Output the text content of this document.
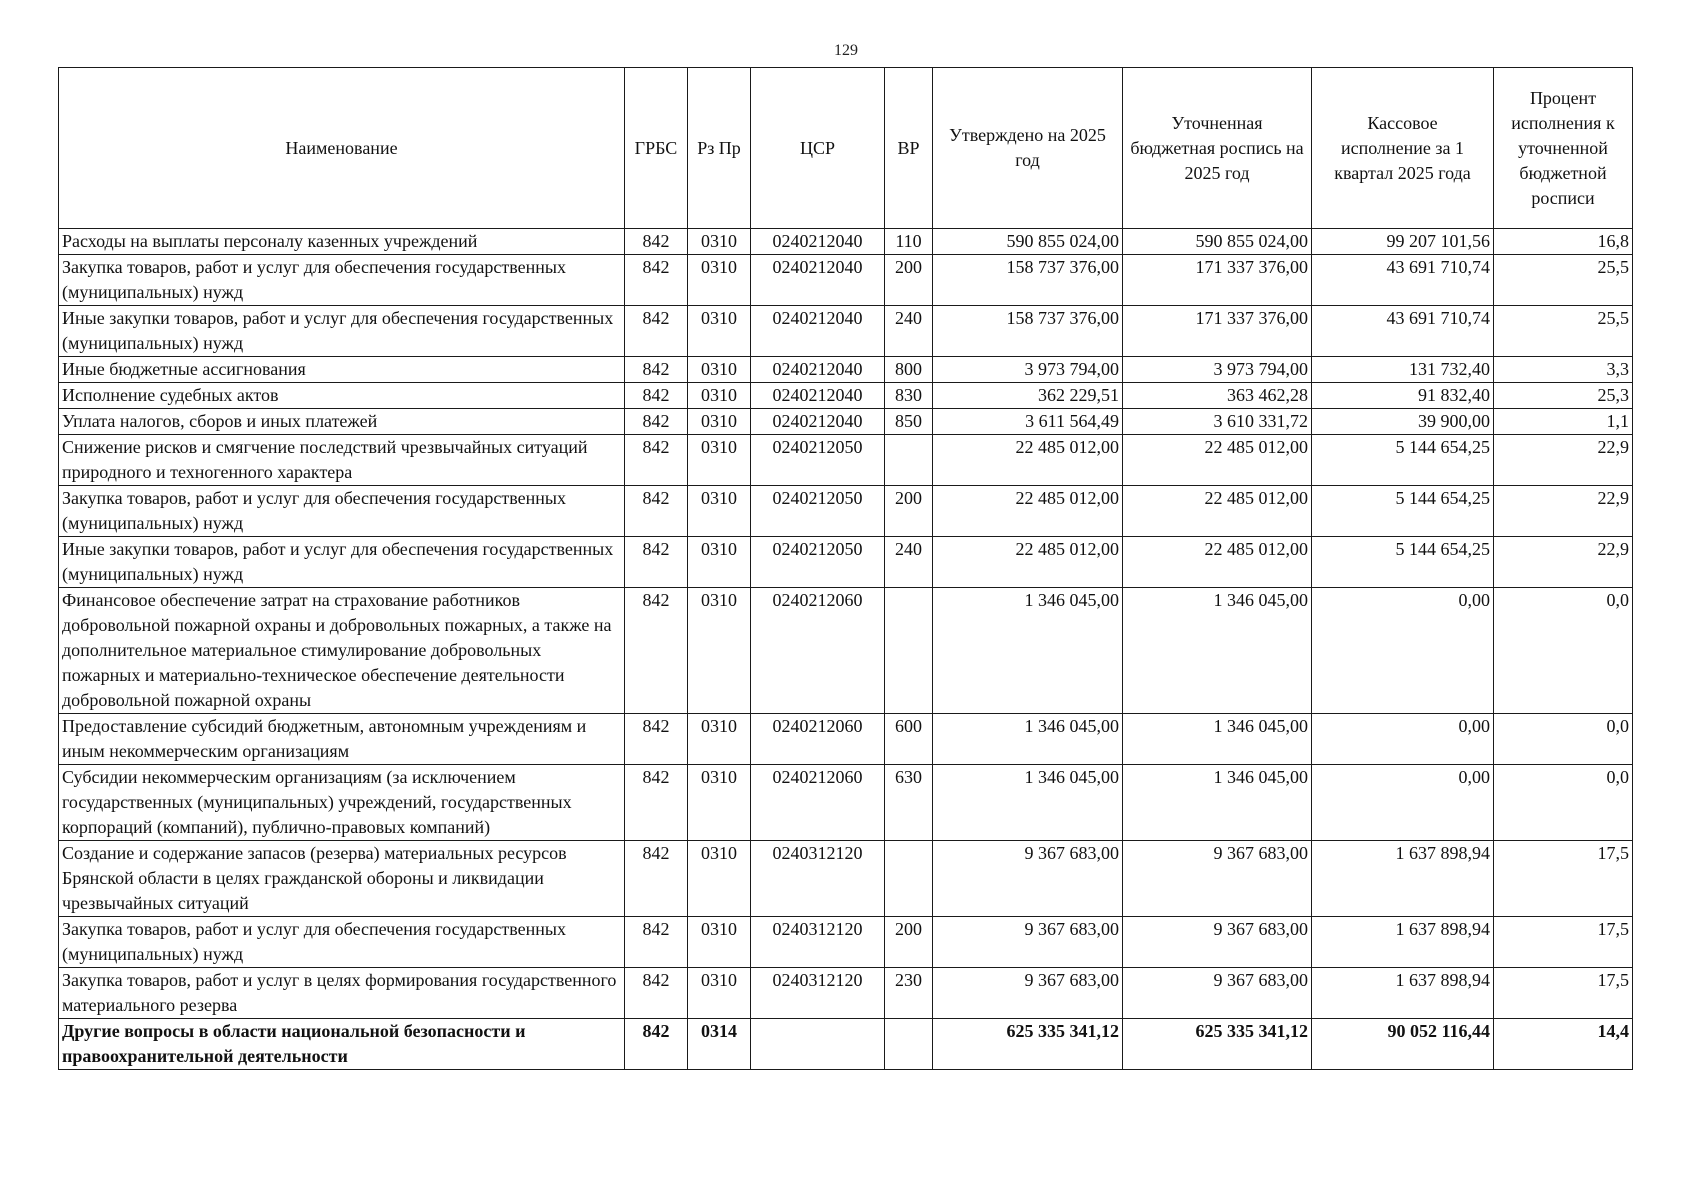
129
Наименование	ГРБС	Рз Пр	ЦСР	ВР	Утверждено на 2025 год	Уточненная бюджетная роспись на 2025 год	Кассовое исполнение за 1 квартал 2025 года	Процент исполнения к уточненной бюджетной росписи
Расходы на выплаты персоналу казенных учреждений	842	0310	0240212040	110	590 855 024,00	590 855 024,00	99 207 101,56	16,8
Закупка товаров, работ и услуг для обеспечения государственных (муниципальных) нужд	842	0310	0240212040	200	158 737 376,00	171 337 376,00	43 691 710,74	25,5
Иные закупки товаров, работ и услуг для обеспечения государственных (муниципальных) нужд	842	0310	0240212040	240	158 737 376,00	171 337 376,00	43 691 710,74	25,5
Иные бюджетные ассигнования	842	0310	0240212040	800	3 973 794,00	3 973 794,00	131 732,40	3,3
Исполнение судебных актов	842	0310	0240212040	830	362 229,51	363 462,28	91 832,40	25,3
Уплата налогов, сборов и иных платежей	842	0310	0240212040	850	3 611 564,49	3 610 331,72	39 900,00	1,1
Снижение рисков и смягчение последствий чрезвычайных ситуаций природного и техногенного характера	842	0310	0240212050		22 485 012,00	22 485 012,00	5 144 654,25	22,9
Закупка товаров, работ и услуг для обеспечения государственных (муниципальных) нужд	842	0310	0240212050	200	22 485 012,00	22 485 012,00	5 144 654,25	22,9
Иные закупки товаров, работ и услуг для обеспечения государственных (муниципальных) нужд	842	0310	0240212050	240	22 485 012,00	22 485 012,00	5 144 654,25	22,9
Финансовое обеспечение затрат на страхование работников добровольной пожарной охраны и добровольных пожарных, а также на дополнительное материальное стимулирование добровольных пожарных и материально-техническое обеспечение деятельности добровольной пожарной охраны	842	0310	0240212060		1 346 045,00	1 346 045,00	0,00	0,0
Предоставление субсидий бюджетным, автономным учреждениям и иным некоммерческим организациям	842	0310	0240212060	600	1 346 045,00	1 346 045,00	0,00	0,0
Субсидии некоммерческим организациям (за исключением государственных (муниципальных) учреждений, государственных корпораций (компаний), публично-правовых компаний)	842	0310	0240212060	630	1 346 045,00	1 346 045,00	0,00	0,0
Создание и содержание запасов (резерва) материальных ресурсов Брянской области в целях гражданской обороны и ликвидации чрезвычайных ситуаций	842	0310	0240312120		9 367 683,00	9 367 683,00	1 637 898,94	17,5
Закупка товаров, работ и услуг для обеспечения государственных (муниципальных) нужд	842	0310	0240312120	200	9 367 683,00	9 367 683,00	1 637 898,94	17,5
Закупка товаров, работ и услуг в целях формирования государственного материального резерва	842	0310	0240312120	230	9 367 683,00	9 367 683,00	1 637 898,94	17,5
Другие вопросы в области национальной безопасности и правоохранительной деятельности	842	0314			625 335 341,12	625 335 341,12	90 052 116,44	14,4
